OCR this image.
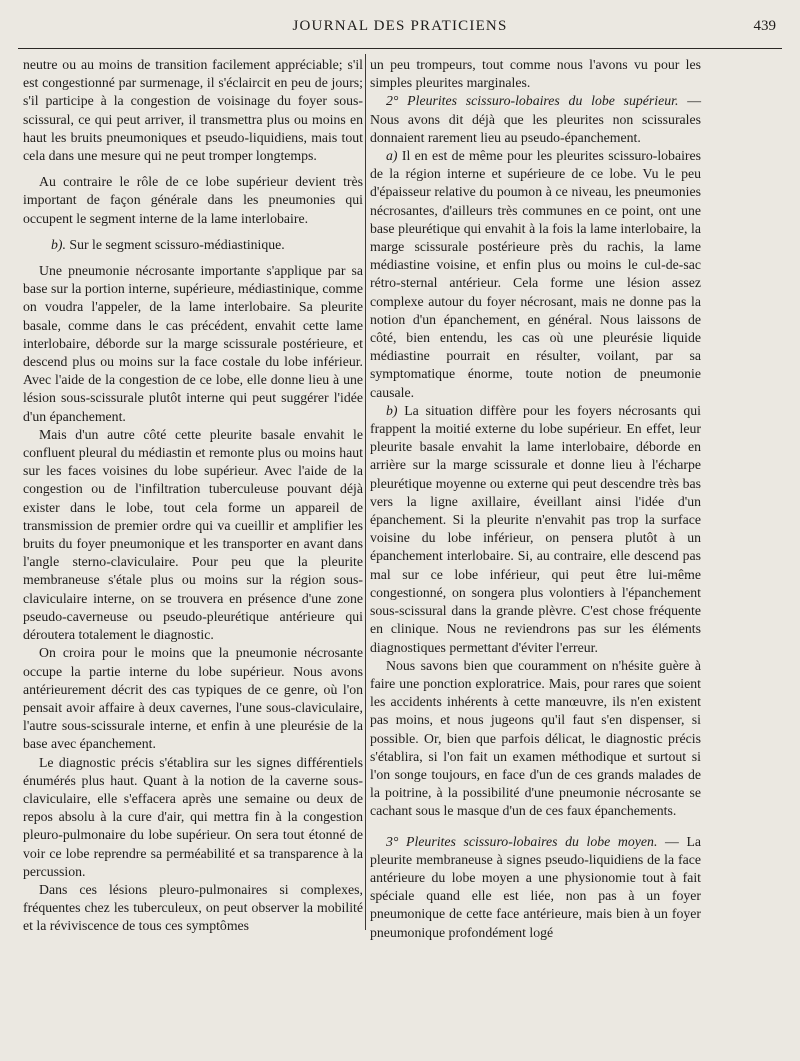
JOURNAL DES PRATICIENS	439

neutre ou au moins de transition facilement appréciable; s'il est congestionné par surmenage, il s'éclaircit en peu de jours; s'il participe à la congestion de voisinage du foyer sous-scissural, ce qui peut arriver, il transmettra plus ou moins en haut les bruits pneumoniques et pseudo-liquidiens, mais tout cela dans une mesure qui ne peut tromper longtemps.

Au contraire le rôle de ce lobe supérieur devient très important de façon générale dans les pneumonies qui occupent le segment interne de la lame interlobaire.

b). Sur le segment scissuro-médiastinique.

Une pneumonie nécrosante importante s'applique par sa base sur la portion interne, supérieure, médiastinique, comme on voudra l'appeler, de la lame interlobaire. Sa pleurite basale, comme dans le cas précédent, envahit cette lame interlobaire, déborde sur la marge scissurale postérieure, et descend plus ou moins sur la face costale du lobe inférieur. Avec l'aide de la congestion de ce lobe, elle donne lieu à une lésion sous-scissurale plutôt interne qui peut suggérer l'idée d'un épanchement.

Mais d'un autre côté cette pleurite basale envahit le confluent pleural du médiastin et remonte plus ou moins haut sur les faces voisines du lobe supérieur. Avec l'aide de la congestion ou de l'infiltration tuberculeuse pouvant déjà exister dans le lobe, tout cela forme un appareil de transmission de premier ordre qui va cueillir et amplifier les bruits du foyer pneumonique et les transporter en avant dans l'angle sterno-claviculaire. Pour peu que la pleurite membraneuse s'étale plus ou moins sur la région sous-claviculaire interne, on se trouvera en présence d'une zone pseudo-caverneuse ou pseudo-pleurétique antérieure qui déroutera totalement le diagnostic.

On croira pour le moins que la pneumonie nécrosante occupe la partie interne du lobe supérieur. Nous avons antérieurement décrit des cas typiques de ce genre, où l'on pensait avoir affaire à deux cavernes, l'une sous-claviculaire, l'autre sous-scissurale interne, et enfin à une pleurésie de la base avec épanchement.

Le diagnostic précis s'établira sur les signes différentiels énumérés plus haut. Quant à la notion de la caverne sous-claviculaire, elle s'effacera après une semaine ou deux de repos absolu à la cure d'air, qui mettra fin à la congestion pleuro-pulmonaire du lobe supérieur. On sera tout étonné de voir ce lobe reprendre sa perméabilité et sa transparence à la percussion.

Dans ces lésions pleuro-pulmonaires si complexes, fréquentes chez les tuberculeux, on peut observer la mobilité et la réviviscence de tous ces symptômes

un peu trompeurs, tout comme nous l'avons vu pour les simples pleurites marginales.

2° Pleurites scissuro-lobaires du lobe supérieur. — Nous avons dit déjà que les pleurites non scissurales donnaient rarement lieu au pseudo-épanchement.

a) Il en est de même pour les pleurites scissuro-lobaires de la région interne et supérieure de ce lobe. Vu le peu d'épaisseur relative du poumon à ce niveau, les pneumonies nécrosantes, d'ailleurs très communes en ce point, ont une base pleurétique qui envahit à la fois la lame interlobaire, la marge scissurale postérieure près du rachis, la lame médiastine voisine, et enfin plus ou moins le cul-de-sac rétro-sternal antérieur. Cela forme une lésion assez complexe autour du foyer nécrosant, mais ne donne pas la notion d'un épanchement, en général. Nous laissons de côté, bien entendu, les cas où une pleurésie liquide médiastine pourrait en résulter, voilant, par sa symptomatique énorme, toute notion de pneumonie causale.

b) La situation diffère pour les foyers nécrosants qui frappent la moitié externe du lobe supérieur. En effet, leur pleurite basale envahit la lame interlobaire, déborde en arrière sur la marge scissurale et donne lieu à l'écharpe pleurétique moyenne ou externe qui peut descendre très bas vers la ligne axillaire, éveillant ainsi l'idée d'un épanchement. Si la pleurite n'envahit pas trop la surface voisine du lobe inférieur, on pensera plutôt à un épanchement interlobaire. Si, au contraire, elle descend pas mal sur ce lobe inférieur, qui peut être lui-même congestionné, on songera plus volontiers à l'épanchement sous-scissural dans la grande plèvre. C'est chose fréquente en clinique. Nous ne reviendrons pas sur les éléments diagnostiques permettant d'éviter l'erreur.

Nous savons bien que couramment on n'hésite guère à faire une ponction exploratrice. Mais, pour rares que soient les accidents inhérents à cette manœuvre, ils n'en existent pas moins, et nous jugeons qu'il faut s'en dispenser, si possible. Or, bien que parfois délicat, le diagnostic précis s'établira, si l'on fait un examen méthodique et surtout si l'on songe toujours, en face d'un de ces grands malades de la poitrine, à la possibilité d'une pneumonie nécrosante se cachant sous le masque d'un de ces faux épanchements.

3° Pleurites scissuro-lobaires du lobe moyen. — La pleurite membraneuse à signes pseudo-liquidiens de la face antérieure du lobe moyen a une physionomie tout à fait spéciale quand elle est liée, non pas à un foyer pneumonique de cette face antérieure, mais bien à un foyer pneumonique profondément logé
